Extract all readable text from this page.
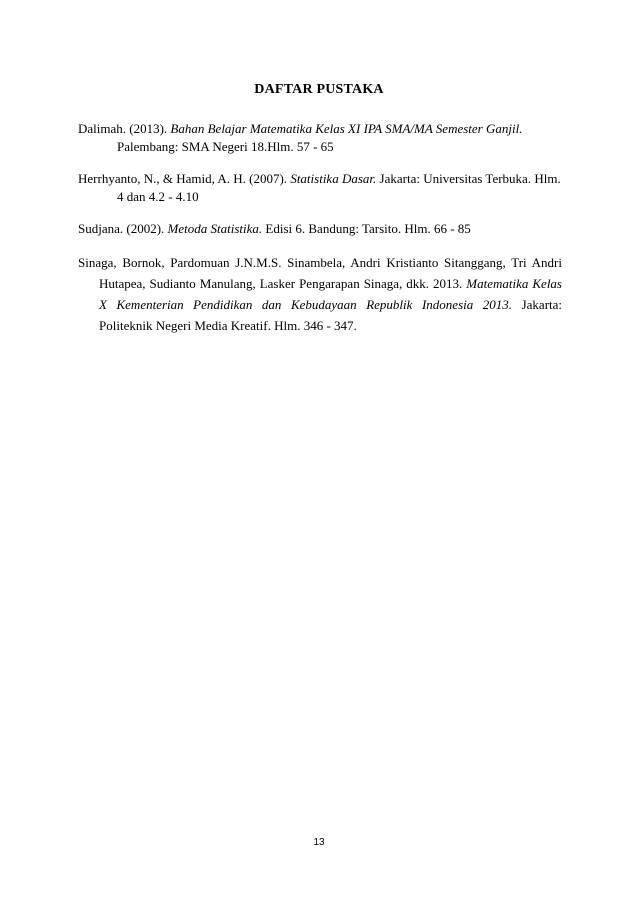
DAFTAR PUSTAKA
Dalimah. (2013). Bahan Belajar Matematika Kelas XI IPA SMA/MA Semester Ganjil.
Palembang: SMA Negeri 18.Hlm. 57 - 65
Herrhyanto, N., & Hamid, A. H. (2007). Statistika Dasar. Jakarta: Universitas Terbuka. Hlm.
4 dan 4.2 - 4.10
Sudjana. (2002). Metoda Statistika. Edisi 6. Bandung: Tarsito. Hlm. 66 - 85
Sinaga, Bornok, Pardomuan J.N.M.S. Sinambela, Andri Kristianto Sitanggang, Tri Andri
Hutapea, Sudianto Manulang, Lasker Pengarapan Sinaga, dkk. 2013. Matematika Kelas
X Kementerian Pendidikan dan Kebudayaan Republik Indonesia 2013. Jakarta:
Politeknik Negeri Media Kreatif. Hlm. 346 - 347.
13
